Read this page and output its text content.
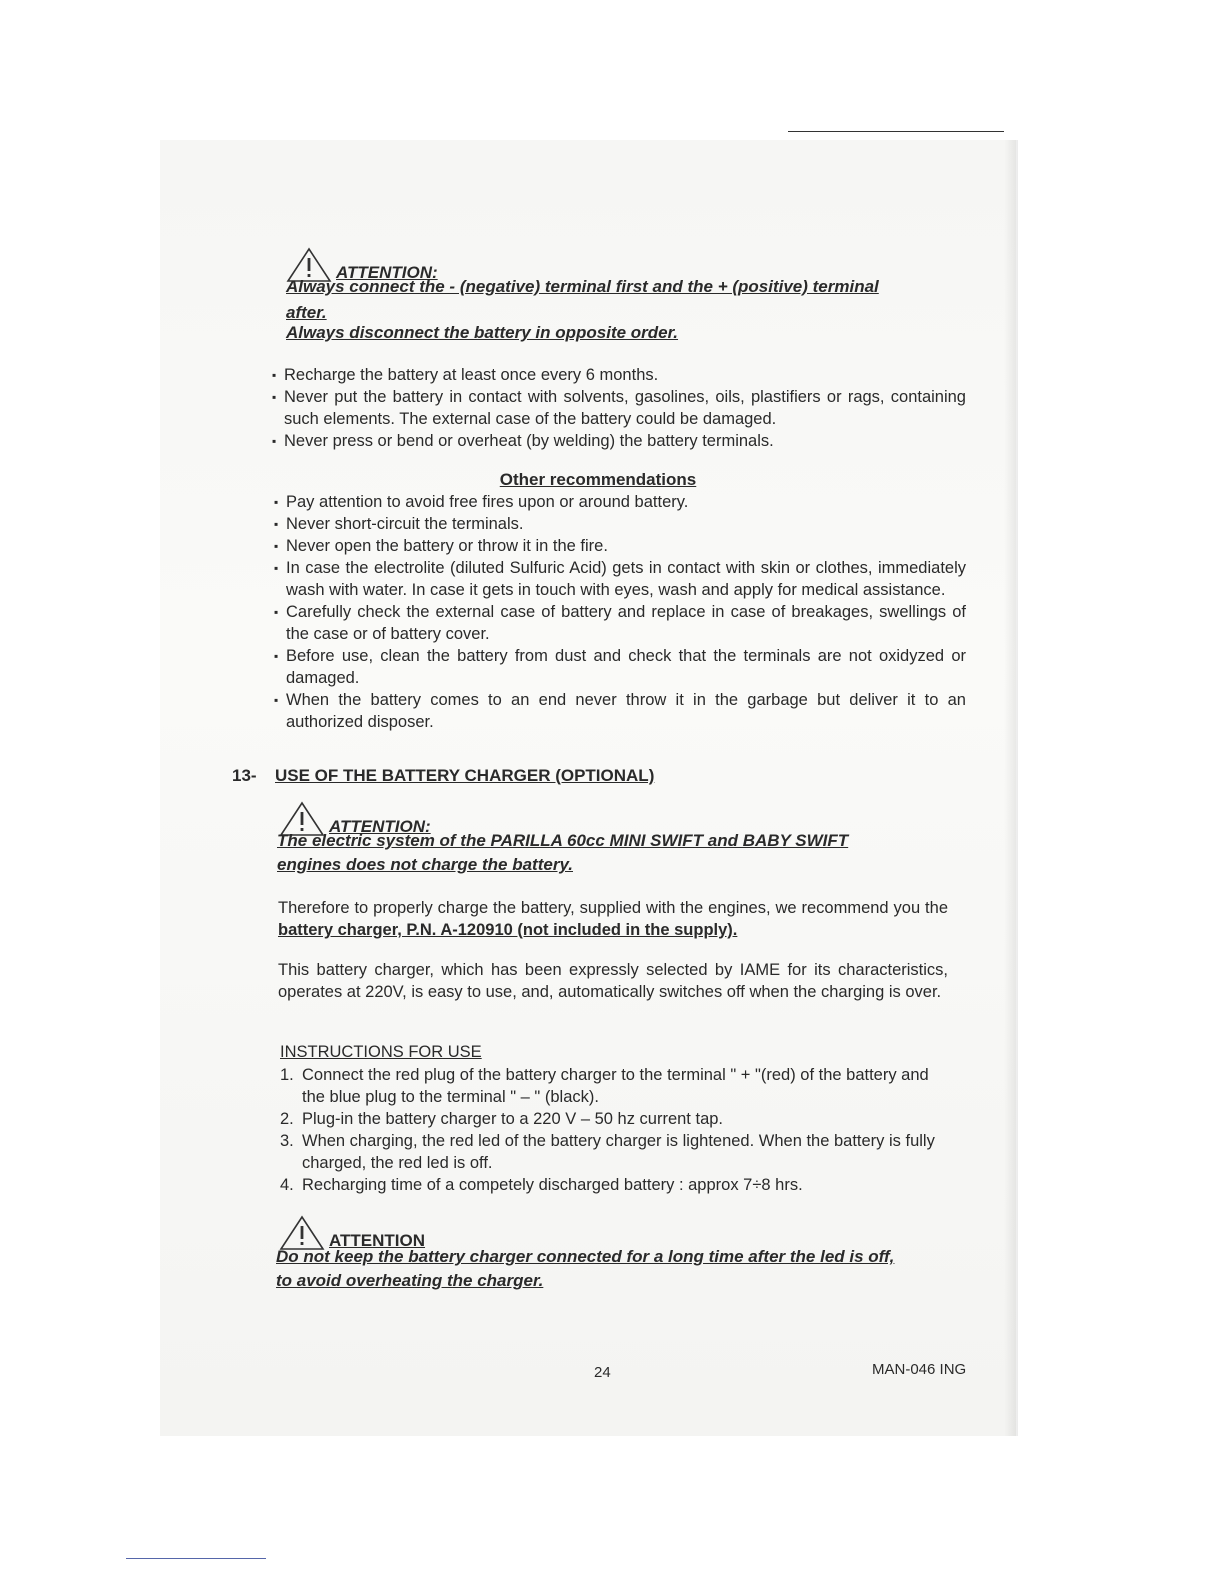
ATTENTION:
Always connect the - (negative) terminal first and the + (positive) terminal
after.
Always disconnect the battery in opposite order.
▪ Recharge the battery at least once every 6 months.
▪ Never put the battery in contact with solvents, gasolines, oils, plastifiers or rags, containing such elements. The external case of the battery could be damaged.
▪ Never press or bend or overheat (by welding) the battery terminals.
Other recommendations
▪ Pay attention to avoid free fires upon or around battery.
▪ Never short-circuit the terminals.
▪ Never open the battery or throw it in the fire.
▪ In case the electrolite (diluted Sulfuric Acid) gets in contact with skin or clothes, immediately wash with water. In case it gets in touch with eyes, wash and apply for medical assistance.
▪ Carefully check the external case of battery and replace in case of breakages, swellings of the case or of battery cover.
▪ Before use, clean the battery from dust and check that the terminals are not oxidyzed or damaged.
▪ When the battery comes to an end never throw it in the garbage but deliver it to an authorized disposer.
13- USE OF THE BATTERY CHARGER (OPTIONAL)
ATTENTION:
The electric system of the PARILLA 60cc MINI SWIFT and BABY SWIFT
engines does not charge the battery.
Therefore to properly charge the battery, supplied with the engines, we recommend you the battery charger, P.N. A-120910 (not included in the supply).
This battery charger, which has been expressly selected by IAME for its characteristics, operates at 220V, is easy to use, and, automatically switches off when the charging is over.
INSTRUCTIONS FOR USE
1. Connect the red plug of the battery charger to the terminal " + "(red) of the battery and the blue plug to the terminal " – " (black).
2. Plug-in the battery charger to a 220 V – 50 hz current tap.
3. When charging, the red led of the battery charger is lightened. When the battery is fully charged, the red led is off.
4. Recharging time of a competely discharged battery : approx 7÷8 hrs.
ATTENTION
Do not keep the battery charger connected for a long time after the led is off,
to avoid overheating the charger.
24	MAN-046 ING
